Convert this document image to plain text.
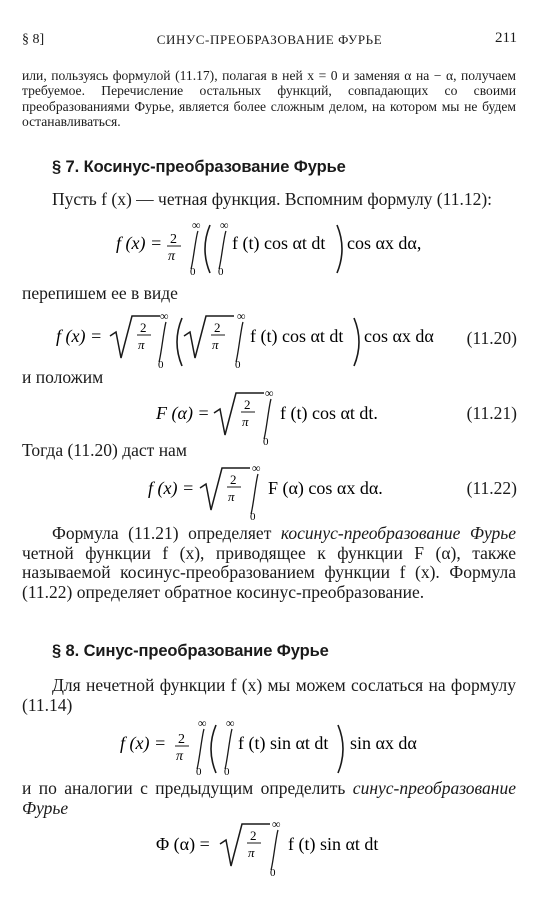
§ 8]	СИНУС-ПРЕОБРАЗОВАНИЕ ФУРЬЕ	211
или, пользуясь формулой (11.17), полагая в ней x = 0 и заменяя α на − α, получаем требуемое. Перечисление остальных функций, совпадающих со своими преобразованиями Фурье, является более сложным делом, на котором мы не будем останавливаться.
§ 7. Косинус-преобразование Фурье
Пусть f (x) — четная функция. Вспомним формулу (11.12):
f (x) = 2
π
∞
0
∞
0
f (t) cos αt dt cos αx dα,
перепишем ее в виде
f (x) =	2
π
∞
0
2
π
∞
0
f (t) cos αt dt cos αx dα (11.20)
и положим
F (α) =	2
π
∞
0
f (t) cos αt dt.	(11.21)
Тогда (11.20) даст нам
f (x) =	2
π
∞
0
F (α) cos αx dα.	(11.22)
Формула (11.21) определяет косинус-преобразование Фурье четной функции f (x), приводящее к функции F (α), также называемой косинус-преобразованием функции f (x). Формула (11.22) определяет обратное косинус-преобразование.
§ 8. Синус-преобразование Фурье
Для нечетной функции f (x) мы можем сослаться на формулу (11.14)
f (x) = 2
π
∞
0
∞
0
f (t) sin αt dt sin αx dα
и по аналогии с предыдущим определить синус-преобразование Фурье
Φ (α) =	2
π
∞
0
f (t) sin αt dt
